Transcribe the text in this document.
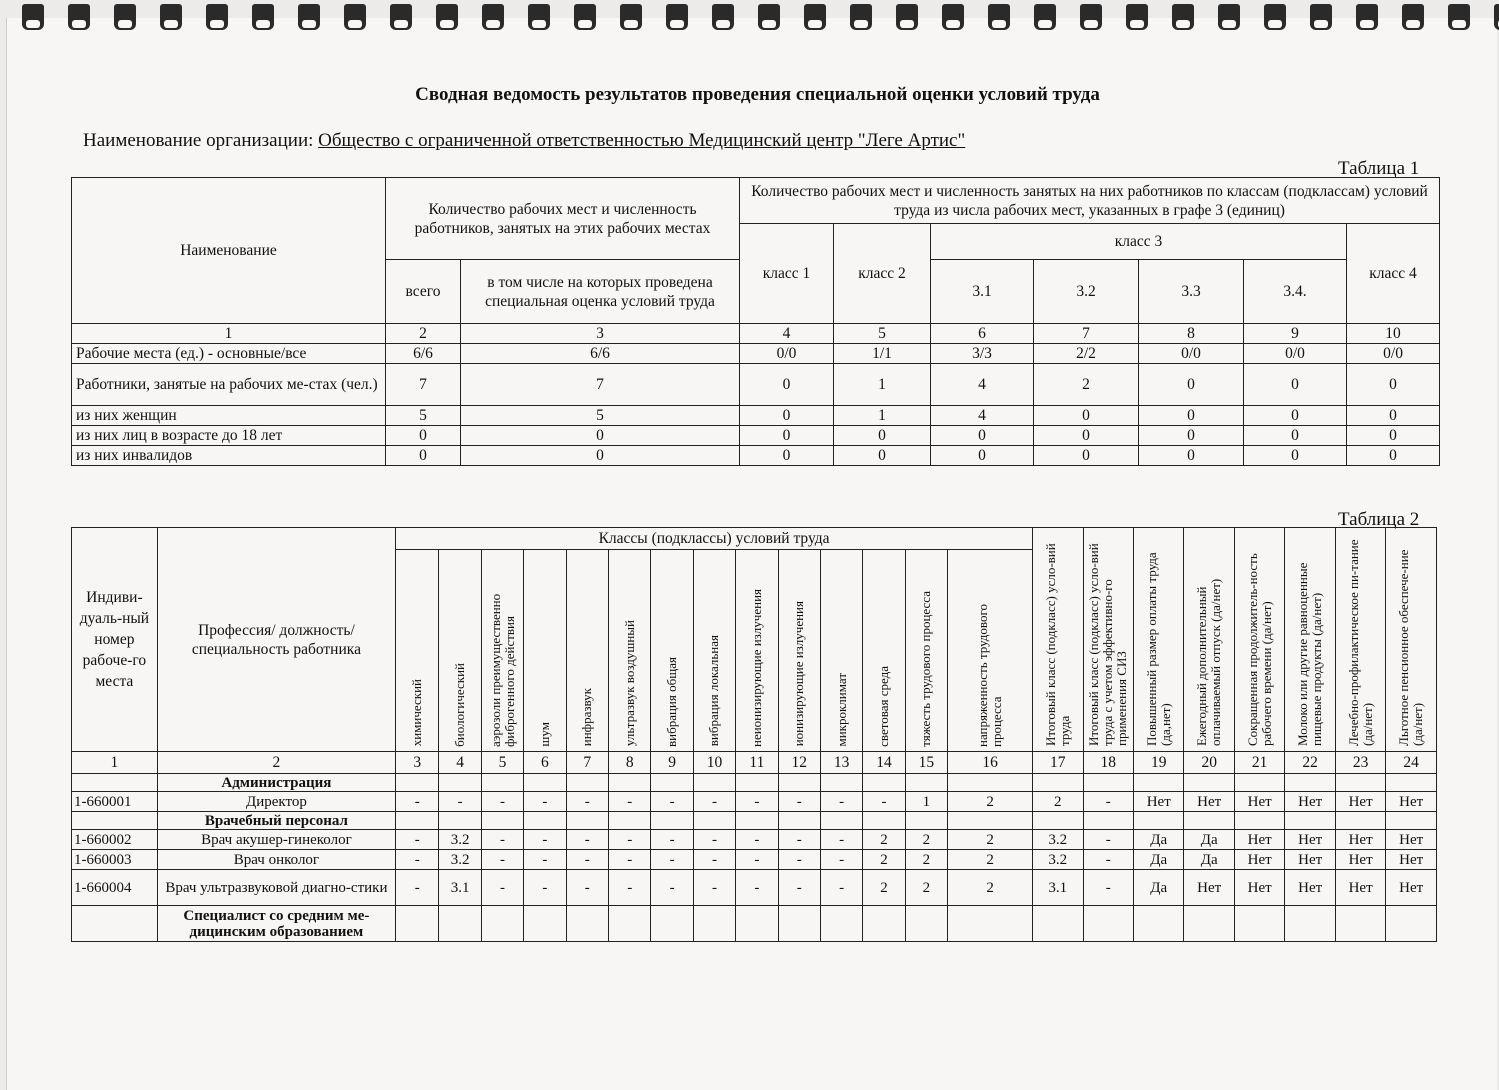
Сводная ведомость результатов проведения специальной оценки условий труда
Наименование организации: Общество с ограниченной ответственностью Медицинский центр "Леге Артис"
Таблица 1
Наименование	Количество рабочих мест и численность работников, занятых на этих рабочих местах		Количество рабочих мест и численность занятых на них работников по классам (подклассам) условий труда из числа рабочих мест, указанных в графе 3 (единиц)						
			класс 1	класс 2	класс 3				класс 4
	всего	в том числе на которых проведена специальная оценка условий труда			3.1	3.2	3.3	3.4.	
1	2	3	4	5	6	7	8	9	10
Рабочие места (ед.) - основные/все	6/6	6/6	0/0	1/1	3/3	2/2	0/0	0/0	0/0
Работники, занятые на рабочих ме-стах (чел.)	7	7	0	1	4	2	0	0	0
из них женщин	5	5	0	1	4	0	0	0	0
из них лиц в возрасте до 18 лет	0	0	0	0	0	0	0	0	0
из них инвалидов	0	0	0	0	0	0	0	0	0
Таблица 2
Индиви-дуаль-ный номер рабоче-го места	Профессия/ должность/ специальность работника	Классы (подклассы) условий труда														Итоговый класс (подкласс) усло-вий труда	Итоговый класс (подкласс) усло-вий труда с учетом эффективно-го применения СИЗ	Повышенный размер оплаты труда (да,нет)	Ежегодный дополнительный оплачиваемый отпуск (да/нет)	Сокращенная продолжитель-ность рабочего времени (да/нет)	Молоко или другие равноценные пищевые продукты (да/нет)	Лечебно-профилактическое пи-тание (да/нет)	Льготное пенсионное обеспече-ние (да/нет)

		химический	биологический	аэрозоли преимущественно фиброгенного действия	шум	инфразвук	ультразвук воздушный	вибрация общая	вибрация локальная	неионизирующие излучения	ионизирующие излучения	микроклимат	световая среда	тяжесть трудового процесса	напряженность трудового процесса								

1	2	3	4	5	6	7	8	9	10	11	12	13	14	15	16	17	18	19	20	21	22	23	24
	Администрация																						
1-660001	Директор	-	-	-	-	-	-	-	-	-	-	-	-	1	2	2	-	Нет	Нет	Нет	Нет	Нет	Нет
	Врачебный персонал																						
1-660002	Врач акушер-гинеколог	-	3.2	-	-	-	-	-	-	-	-	-	2	2	2	3.2	-	Да	Да	Нет	Нет	Нет	Нет
1-660003	Врач онколог	-	3.2	-	-	-	-	-	-	-	-	-	2	2	2	3.2	-	Да	Да	Нет	Нет	Нет	Нет
1-660004	Врач ультразвуковой диагно-стики	-	3.1	-	-	-	-	-	-	-	-	-	2	2	2	3.1	-	Да	Нет	Нет	Нет	Нет	Нет
	Специалист со средним ме-дицинским образованием																						
